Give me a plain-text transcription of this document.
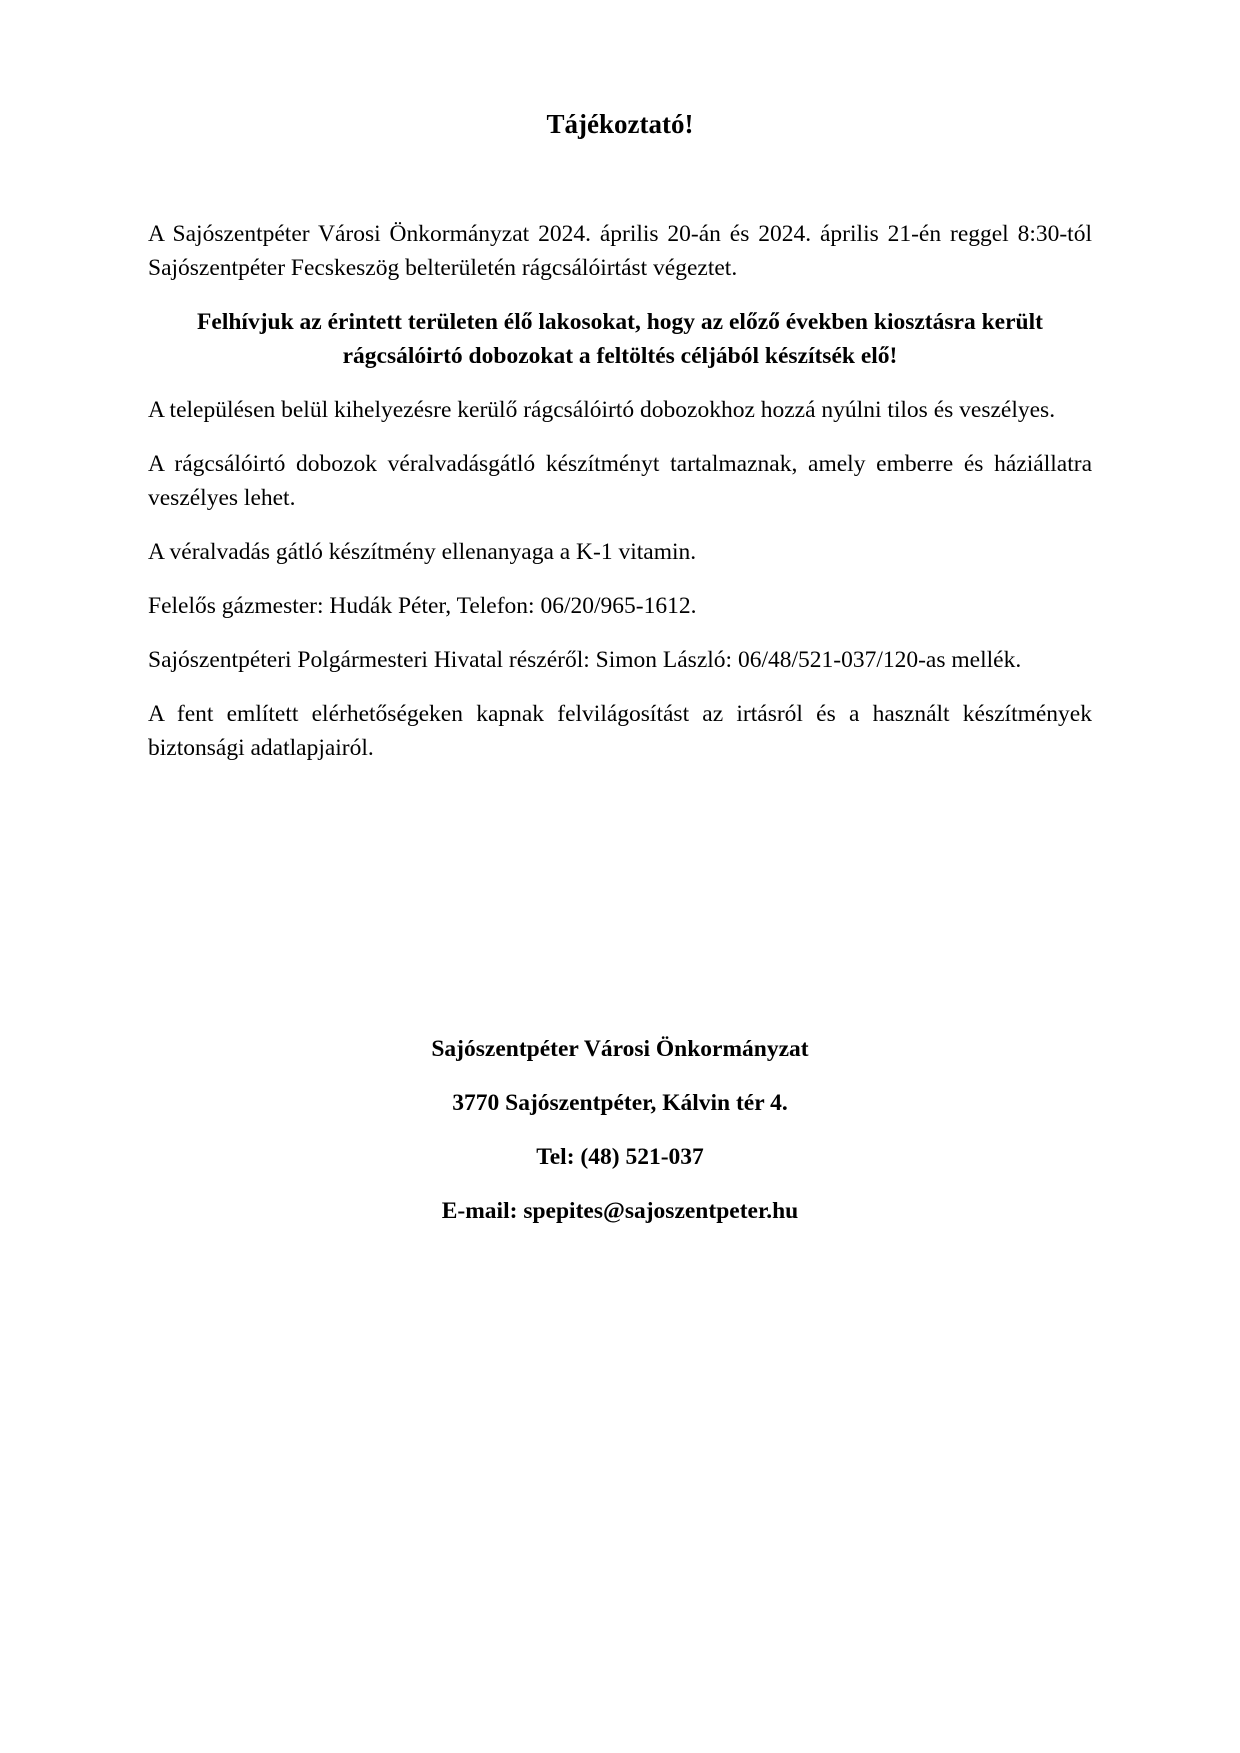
Tájékoztató!

A Sajószentpéter Városi Önkormányzat 2024. április 20-án és 2024. április 21-én reggel 8:30-tól Sajószentpéter Fecskeszög belterületén rágcsálóirtást végeztet.

Felhívjuk az érintett területen élő lakosokat, hogy az előző években kiosztásra került rágcsálóirtó dobozokat a feltöltés céljából készítsék elő!

A településen belül kihelyezésre kerülő rágcsálóirtó dobozokhoz hozzá nyúlni tilos és veszélyes.

A rágcsálóirtó dobozok véralvadásgátló készítményt tartalmaznak, amely emberre és háziállatra veszélyes lehet.

A véralvadás gátló készítmény ellenanyaga a K-1 vitamin.

Felelős gázmester: Hudák Péter, Telefon: 06/20/965-1612.

Sajószentpéteri Polgármesteri Hivatal részéről: Simon László: 06/48/521-037/120-as mellék.

A fent említett elérhetőségeken kapnak felvilágosítást az irtásról és a használt készítmények biztonsági adatlapjairól.

Sajószentpéter Városi Önkormányzat

3770 Sajószentpéter, Kálvin tér 4.

Tel: (48) 521-037

E-mail: spepites@sajoszentpeter.hu
